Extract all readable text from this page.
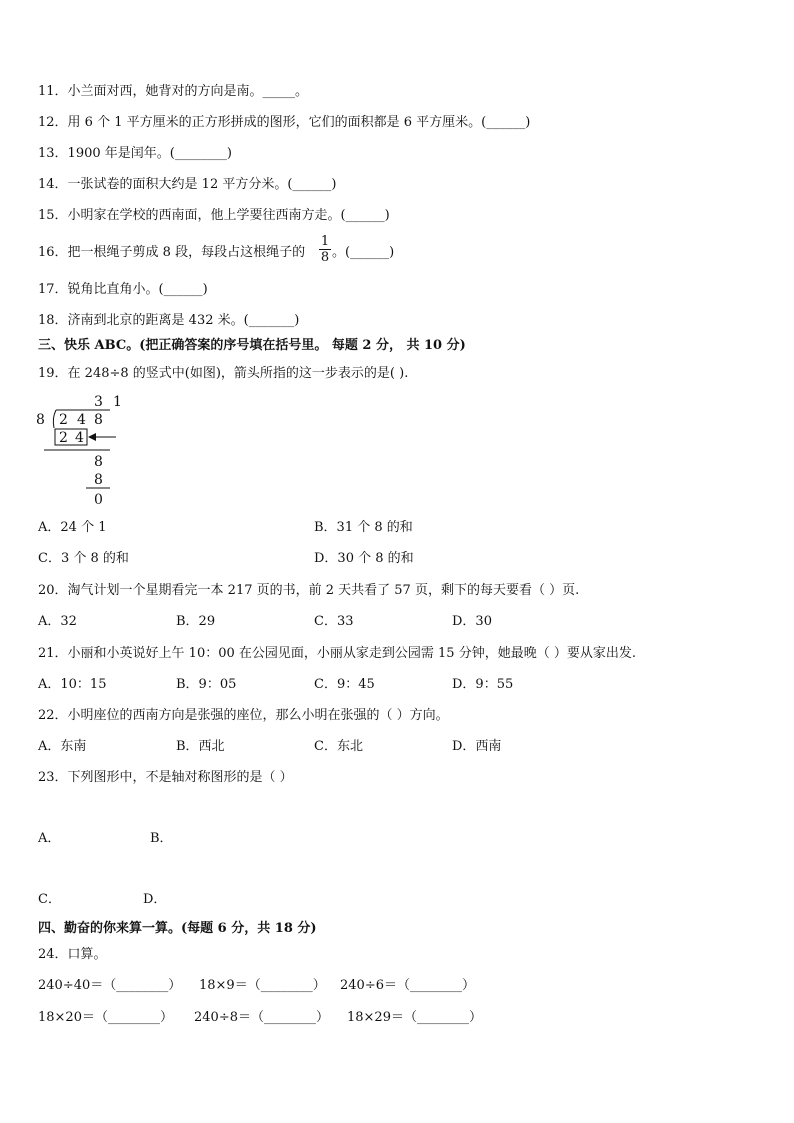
11．小兰面对西，她背对的方向是南。_____。
12．用 6 个 1 平方厘米的正方形拼成的图形，它们的面积都是 6 平方厘米。(______)
13．1900 年是闰年。(________)
14．一张试卷的面积大约是 12 平方分米。(______)
15．小明家在学校的西南面，他上学要往西南方走。(______)
16．把一根绳子剪成 8 段，每段占这根绳子的
1
8 。(______)
17．锐角比直角小。(______)
18．济南到北京的距离是 432 米。(_______)
三、快乐 ABC。(把正确答案的序号填在括号里。 每题 2 分， 共 10 分)
19．在 248÷8 的竖式中(如图)，箭头所指的这一步表示的是( ).
3 1
8 2 4 8
2 4
8
8
0
A．24 个 1	B．31 个 8 的和
C．3 个 8 的和	D．30 个 8 的和
20．淘气计划一个星期看完一本 217 页的书，前 2 天共看了 57 页，剩下的每天要看（ ）页.
A．32	B．29	C．33	D．30
21．小丽和小英说好上午 10：00 在公园见面，小丽从家走到公园需 15 分钟，她最晚（ ）要从家出发.
A．10：15	B．9：05	C．9：45	D．9：55
22．小明座位的西南方向是张强的座位，那么小明在张强的（ ）方向。
A．东南	B．西北	C．东北	D．西南
23．下列图形中，不是轴对称图形的是（ ）
A．	B．
C．	D．
四、勤奋的你来算一算。(每题 6 分，共 18 分)
24．口算。
240÷40＝（________） 18×9＝（________） 240÷6＝（________）
18×20＝（________） 240÷8＝（________） 18×29＝（________）
